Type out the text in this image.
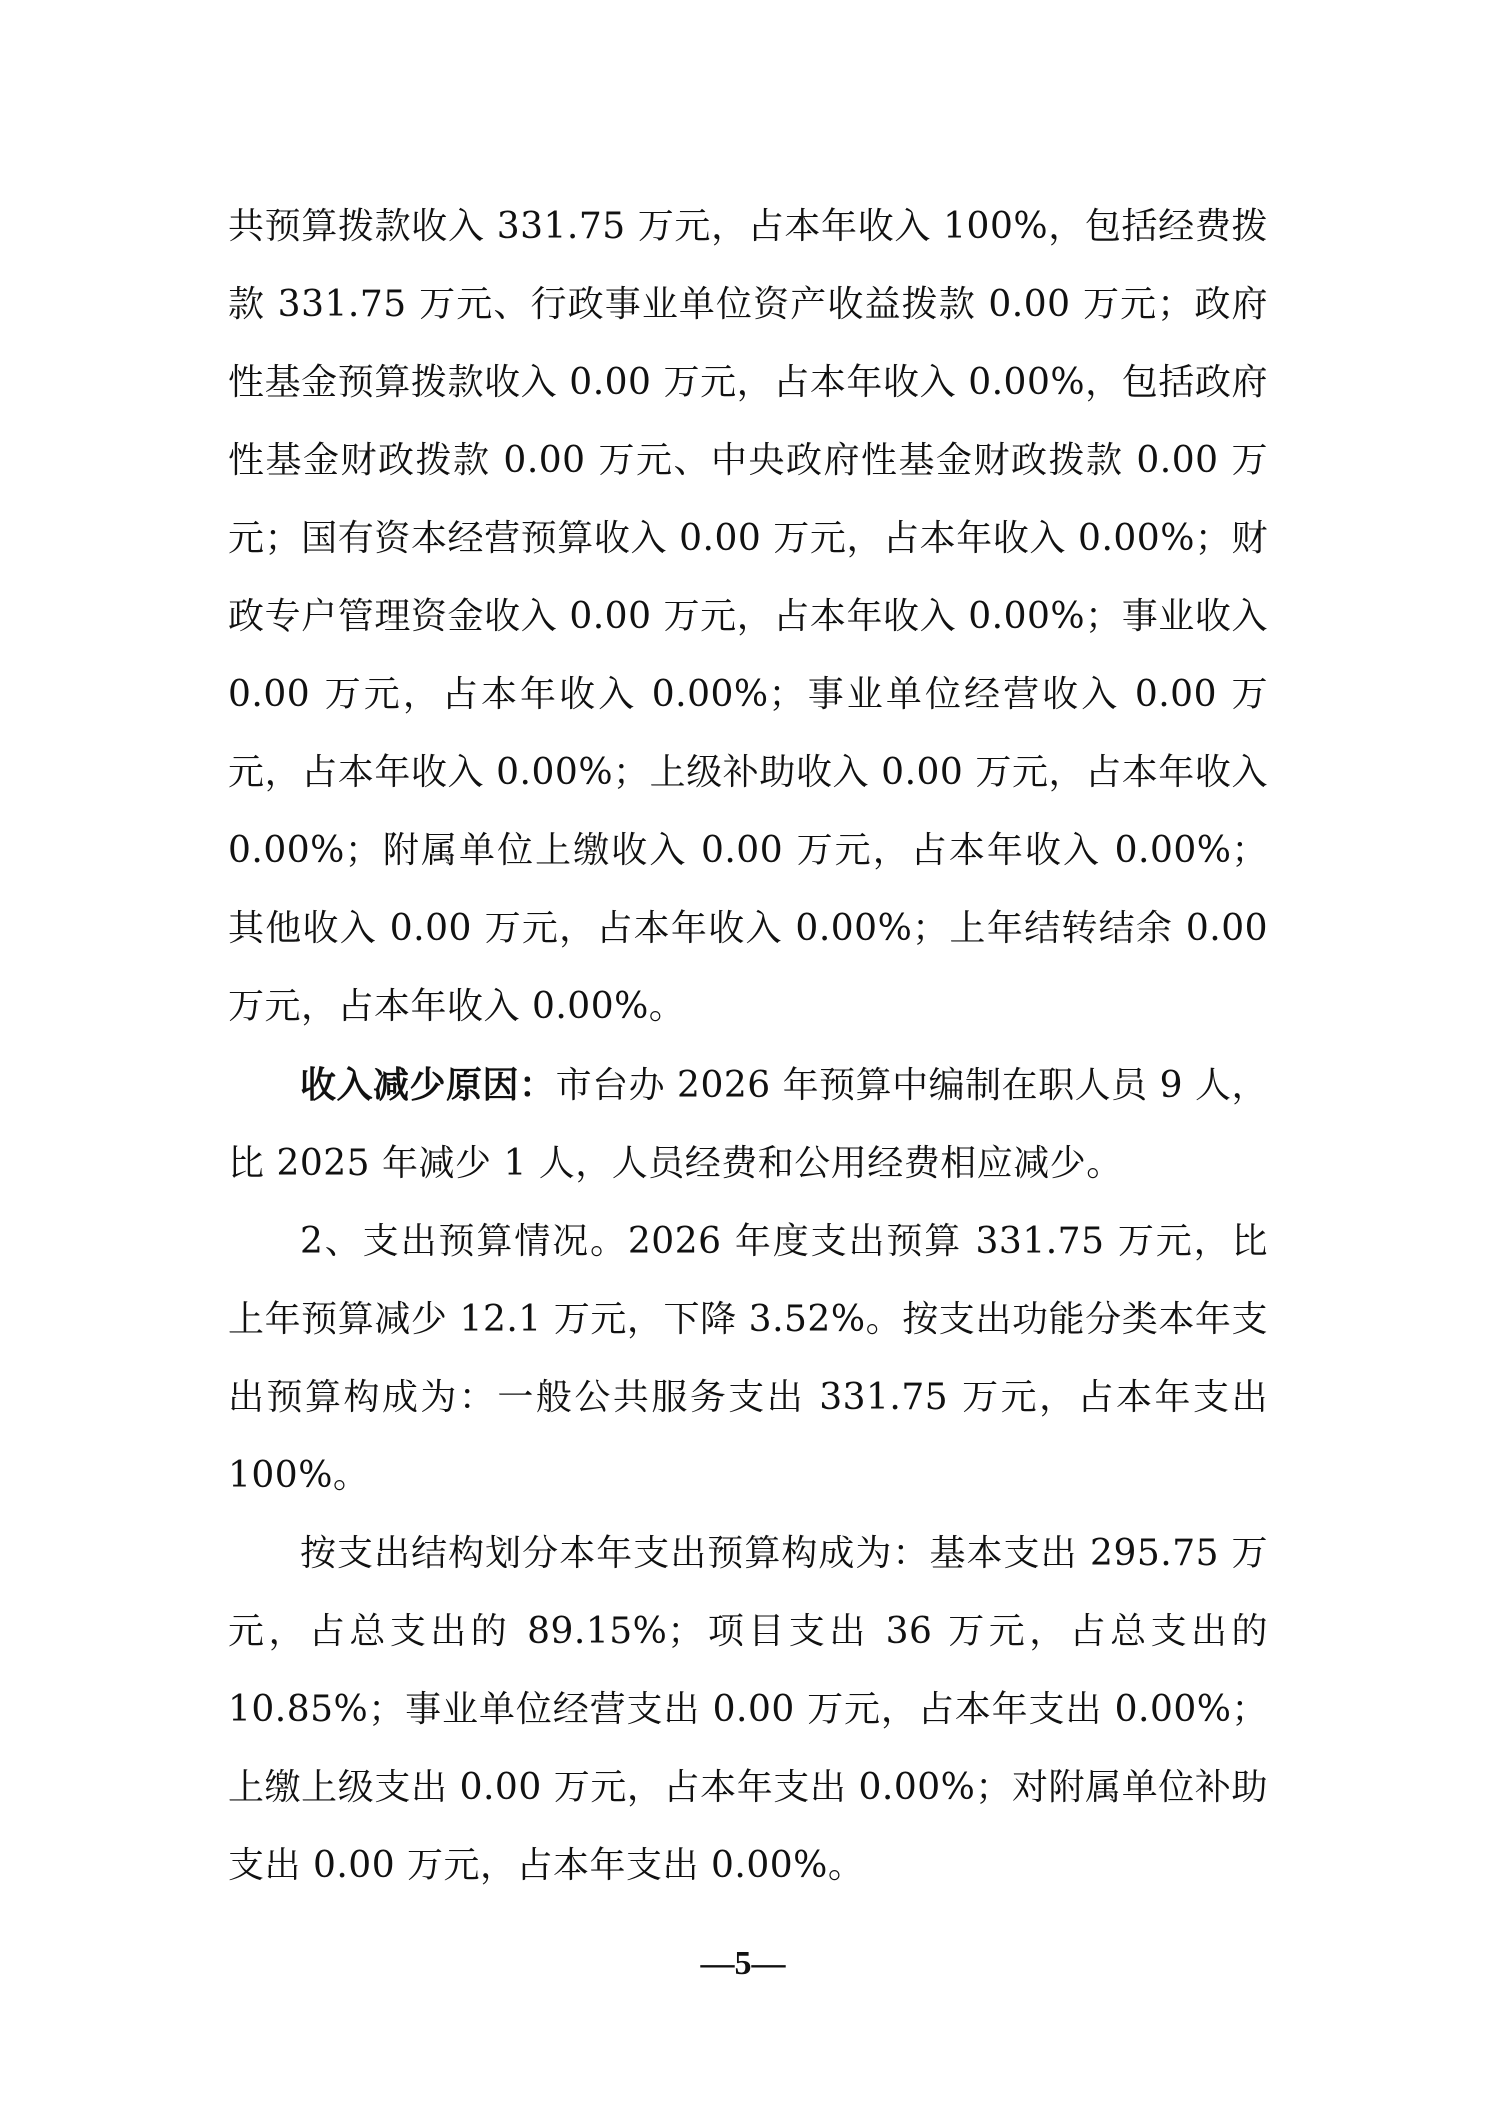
共预算拨款收入 331.75 万元，占本年收入 100%，包括经费拨款 331.75 万元、行政事业单位资产收益拨款 0.00 万元；政府性基金预算拨款收入 0.00 万元，占本年收入 0.00%，包括政府性基金财政拨款 0.00 万元、中央政府性基金财政拨款 0.00 万元；国有资本经营预算收入 0.00 万元，占本年收入 0.00%；财政专户管理资金收入 0.00 万元，占本年收入 0.00%；事业收入 0.00 万元，占本年收入 0.00%；事业单位经营收入 0.00 万元，占本年收入 0.00%；上级补助收入 0.00 万元，占本年收入 0.00%；附属单位上缴收入 0.00 万元，占本年收入 0.00%；其他收入 0.00 万元，占本年收入 0.00%；上年结转结余 0.00 万元，占本年收入 0.00%。

收入减少原因：市台办 2026 年预算中编制在职人员 9 人，比 2025 年减少 1 人，人员经费和公用经费相应减少。

2、支出预算情况。2026 年度支出预算 331.75 万元，比上年预算减少 12.1 万元，下降 3.52%。按支出功能分类本年支出预算构成为：一般公共服务支出 331.75 万元，占本年支出 100%。

按支出结构划分本年支出预算构成为：基本支出 295.75 万元，占总支出的 89.15%；项目支出 36 万元，占总支出的 10.85%；事业单位经营支出 0.00 万元，占本年支出 0.00%；上缴上级支出 0.00 万元，占本年支出 0.00%；对附属单位补助支出 0.00 万元，占本年支出 0.00%。

—5—
